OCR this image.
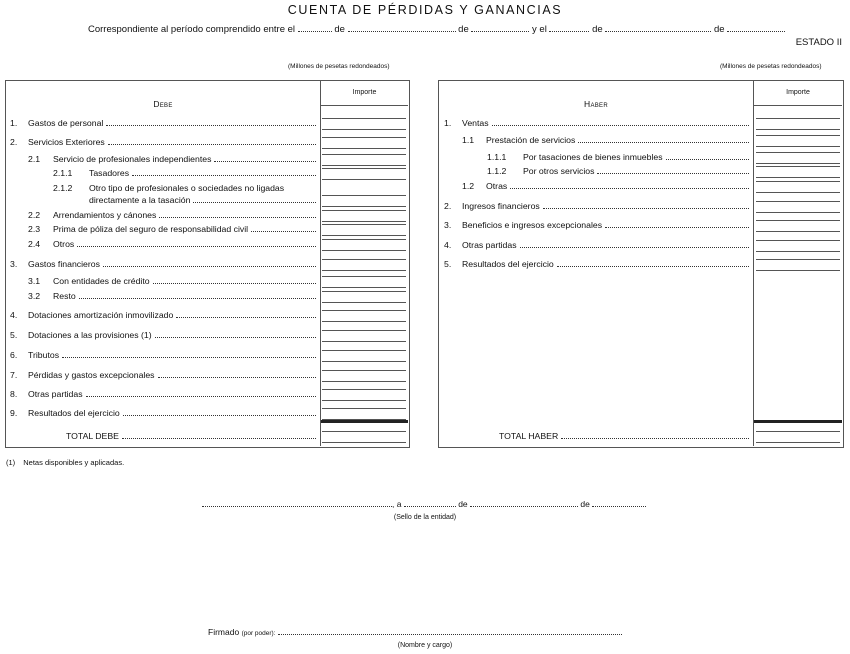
CUENTA DE PÉRDIDAS Y GANANCIAS
Correspondiente al período comprendido entre el	de	de	y el	de	de
ESTADO II
(Millones de pesetas redondeados)	(Millones de pesetas redondeados)
Importe
Debe
1.	Gastos de personal
2.	Servicios Exteriores
2.1	Servicio de profesionales independientes
2.1.1	Tasadores
2.1.2	Otro tipo de profesionales o sociedades no ligadas
directamente a la tasación
2.2	Arrendamientos y cánones
2.3	Prima de póliza del seguro de responsabilidad civil
2.4	Otros
3.	Gastos financieros
3.1	Con entidades de crédito
3.2	Resto
4.	Dotaciones amortización inmovilizado
5.	Dotaciones a las provisiones (1)
6.	Tributos
7.	Pérdidas y gastos excepcionales
8.	Otras partidas
9.	Resultados del ejercicio
TOTAL DEBE
Importe
Haber
1.	Ventas
1.1	Prestación de servicios
1.1.1	Por tasaciones de bienes inmuebles
1.1.2	Por otros servicios
1.2	Otras
2.	Ingresos financieros
3.	Beneficios e ingresos excepcionales
4.	Otras partidas
5.	Resultados del ejercicio
TOTAL HABER
(1) Netas disponibles y aplicadas.
, a	de	de
(Sello de la entidad)
Firmado (por poder):
(Nombre y cargo)
